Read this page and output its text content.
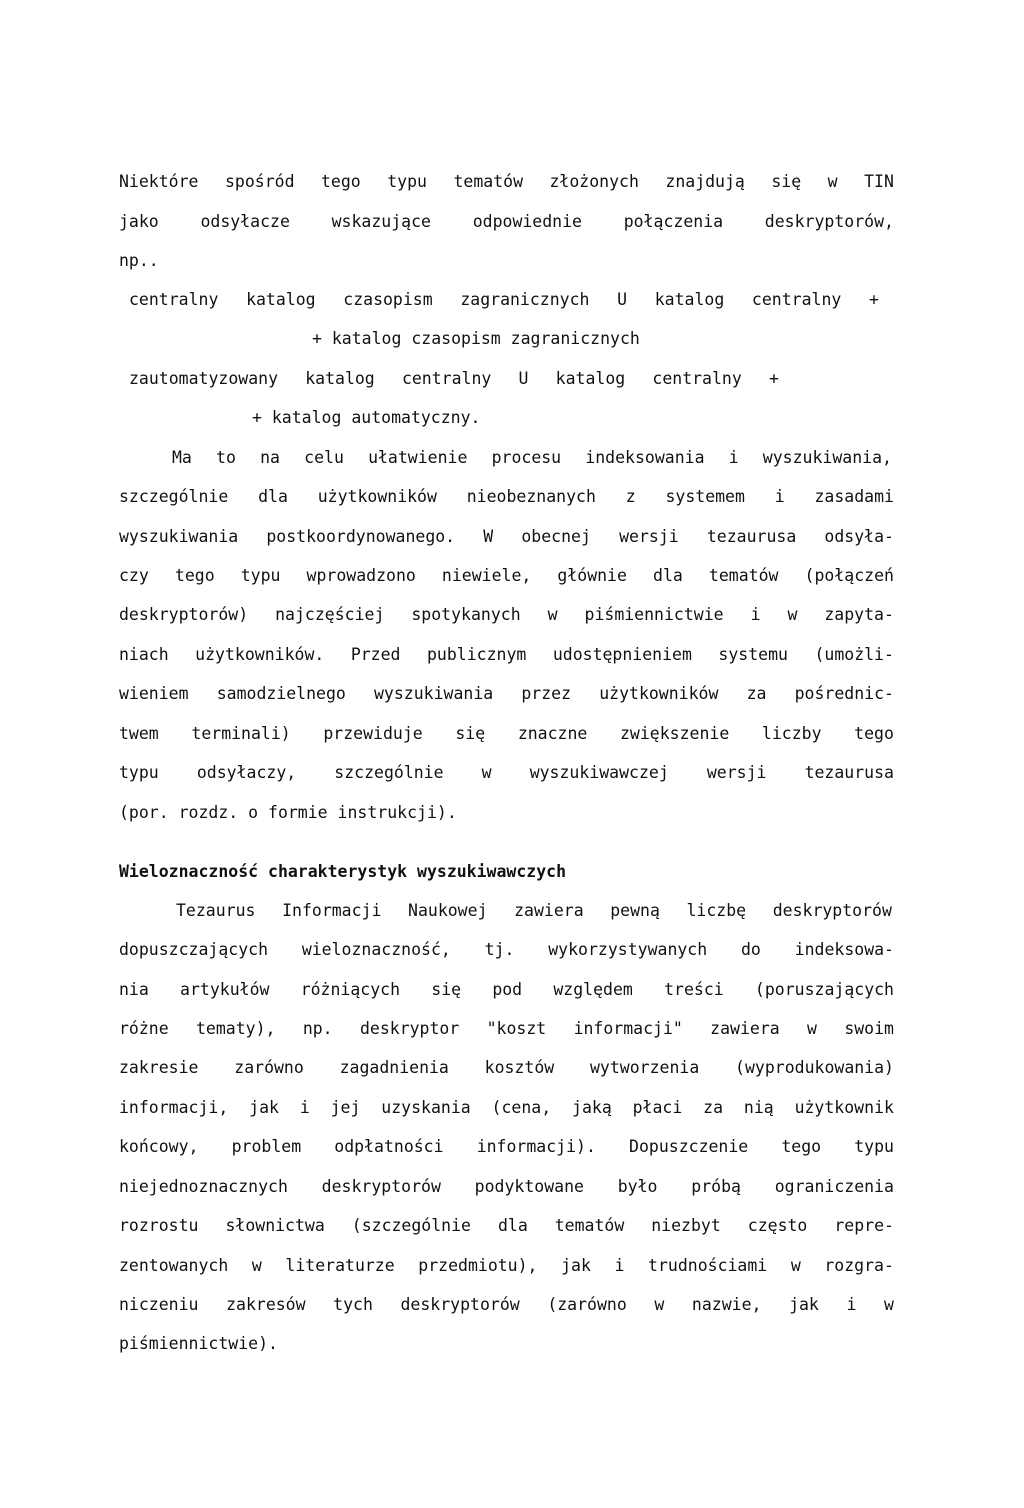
Niektóre spośród tego typu tematów złożonych znajdują się w TIN
jako	odsyłacze	wskazujące	odpowiednie	połączenia	deskryptorów,
np..
centralny katalog czasopism zagranicznych U katalog centralny +
+ katalog czasopism zagranicznych
zautomatyzowany katalog centralny U katalog centralny +
+ katalog automatyczny.
Ma to na celu ułatwienie procesu indeksowania i wyszukiwania,
szczególnie dla użytkowników nieobeznanych z systemem i zasadami
wyszukiwania postkoordynowanego. W obecnej wersji tezaurusa odsyła-
czy tego typu wprowadzono niewiele, głównie dla tematów (połączeń
deskryptorów) najczęściej spotykanych w piśmiennictwie i w zapyta-
niach użytkowników. Przed publicznym udostępnieniem systemu (umożli-
wieniem samodzielnego wyszukiwania przez użytkowników za pośrednic-
twem terminali) przewiduje się znaczne zwiększenie liczby tego
typu odsyłaczy, szczególnie w wyszukiwawczej wersji tezaurusa
(por. rozdz. o formie instrukcji).
Wieloznaczność charakterystyk wyszukiwawczych
Tezaurus Informacji Naukowej zawiera pewną liczbę deskryptorów
dopuszczających wieloznaczność, tj. wykorzystywanych do indeksowa-
nia artykułów różniących się pod względem treści (poruszających
różne tematy), np. deskryptor "koszt informacji" zawiera w swoim
zakresie zarówno zagadnienia kosztów wytworzenia (wyprodukowania)
informacji, jak i jej uzyskania (cena, jaką płaci za nią użytkownik
końcowy, problem odpłatności informacji). Dopuszczenie tego typu
niejednoznacznych deskryptorów podyktowane było próbą ograniczenia
rozrostu słownictwa (szczególnie dla tematów niezbyt często repre-
zentowanych w literaturze przedmiotu), jak i trudnościami w rozgra-
niczeniu zakresów tych deskryptorów (zarówno w nazwie, jak i w
piśmiennictwie).
